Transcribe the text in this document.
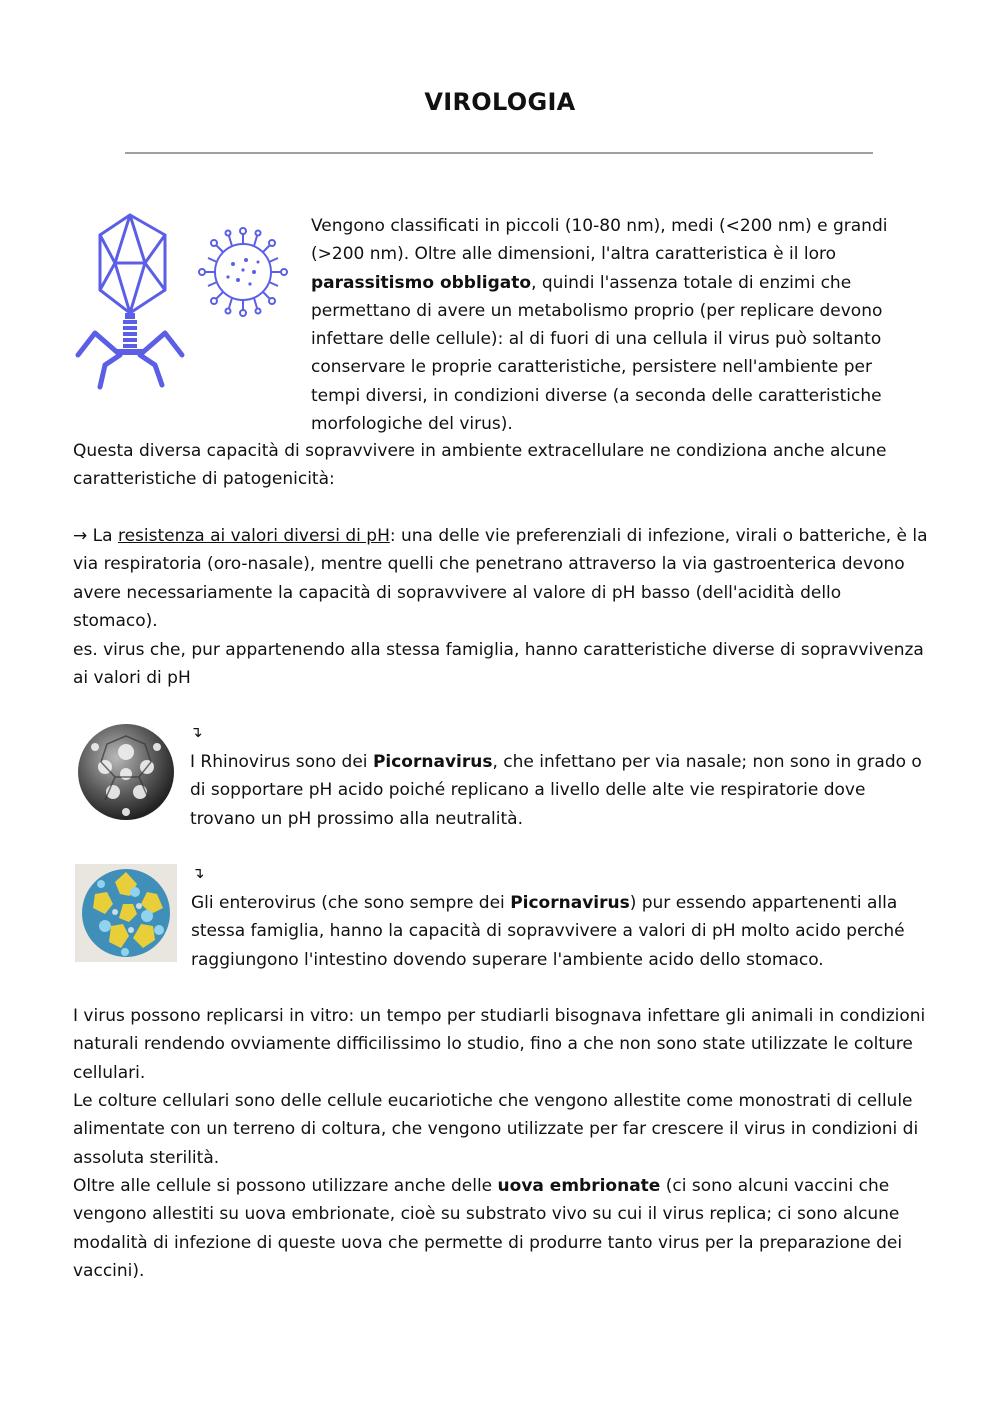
VIROLOGIA

Vengono classificati in piccoli (10-80 nm), medi (<200 nm) e grandi (>200 nm). Oltre alle dimensioni, l'altra caratteristica è il loro parassitismo obbligato, quindi l'assenza totale di enzimi che permettano di avere un metabolismo proprio (per replicare devono infettare delle cellule): al di fuori di una cellula il virus può soltanto conservare le proprie caratteristiche, persistere nell'ambiente per tempi diversi, in condizioni diverse (a seconda delle caratteristiche morfologiche del virus).

Questa diversa capacità di sopravvivere in ambiente extracellulare ne condiziona anche alcune caratteristiche di patogenicità:

→ La resistenza ai valori diversi di pH: una delle vie preferenziali di infezione, virali o batteriche, è la via respiratoria (oro-nasale), mentre quelli che penetrano attraverso la via gastroenterica devono avere necessariamente la capacità di sopravvivere al valore di pH basso (dell'acidità dello stomaco).

es. virus che, pur appartenendo alla stessa famiglia, hanno caratteristiche diverse di sopravvivenza ai valori di pH

↴

I Rhinovirus sono dei Picornavirus, che infettano per via nasale; non sono in grado o di sopportare pH acido poiché replicano a livello delle alte vie respiratorie dove trovano un pH prossimo alla neutralità.

↴

Gli enterovirus (che sono sempre dei Picornavirus) pur essendo appartenenti alla stessa famiglia, hanno la capacità di sopravvivere a valori di pH molto acido perché raggiungono l'intestino dovendo superare l'ambiente acido dello stomaco.

I virus possono replicarsi in vitro: un tempo per studiarli bisognava infettare gli animali in condizioni naturali rendendo ovviamente difficilissimo lo studio, fino a che non sono state utilizzate le colture cellulari.

Le colture cellulari sono delle cellule eucariotiche che vengono allestite come monostrati di cellule alimentate con un terreno di coltura, che vengono utilizzate per far crescere il virus in condizioni di assoluta sterilità.

Oltre alle cellule si possono utilizzare anche delle uova embrionate (ci sono alcuni vaccini che vengono allestiti su uova embrionate, cioè su substrato vivo su cui il virus replica; ci sono alcune modalità di infezione di queste uova che permette di produrre tanto virus per la preparazione dei vaccini).
